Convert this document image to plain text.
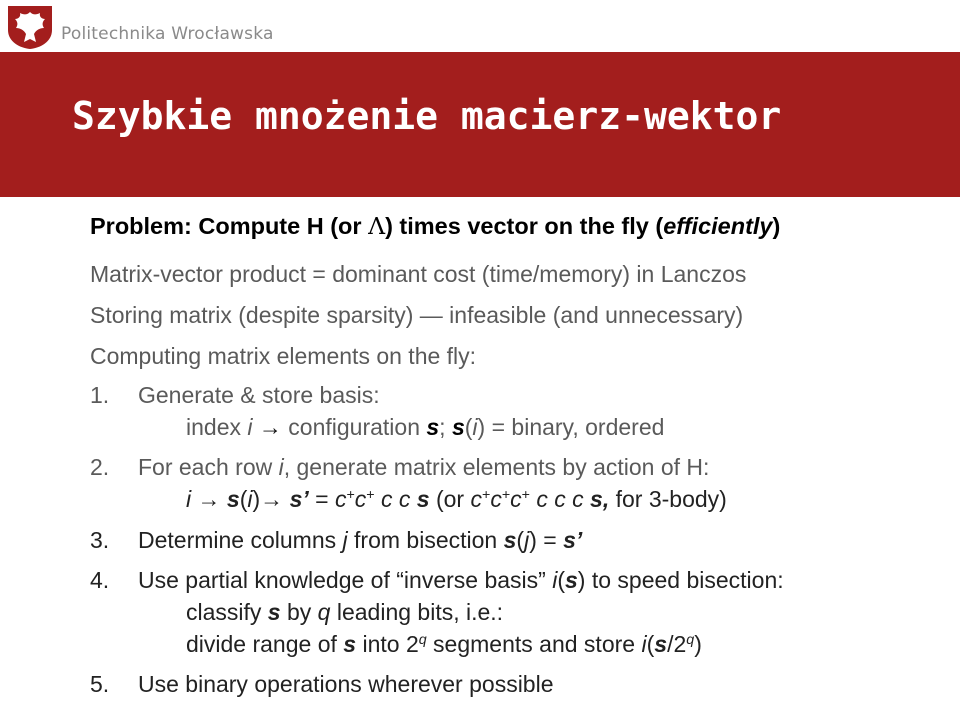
Politechnika Wrocławska
Szybkie mnożenie macierz-wektor
Problem: Compute H (or Λ) times vector on the fly (efficiently)
Matrix-vector product = dominant cost (time/memory) in Lanczos
Storing matrix (despite sparsity) — infeasible (and unnecessary)
Computing matrix elements on the fly:
1. Generate & store basis:
index i → configuration s; s(i) = binary, ordered
2. For each row i, generate matrix elements by action of H:
i → s(i)→ s’ = c+c+ c c s (or c+c+c+ c c c s, for 3-body)
3. Determine columns j from bisection s(j) = s’
4. Use partial knowledge of “inverse basis” i(s) to speed bisection:
classify s by q leading bits, i.e.:
divide range of s into 2$^q$ segments and store i(s/2$^q$)
5. Use binary operations wherever possible
